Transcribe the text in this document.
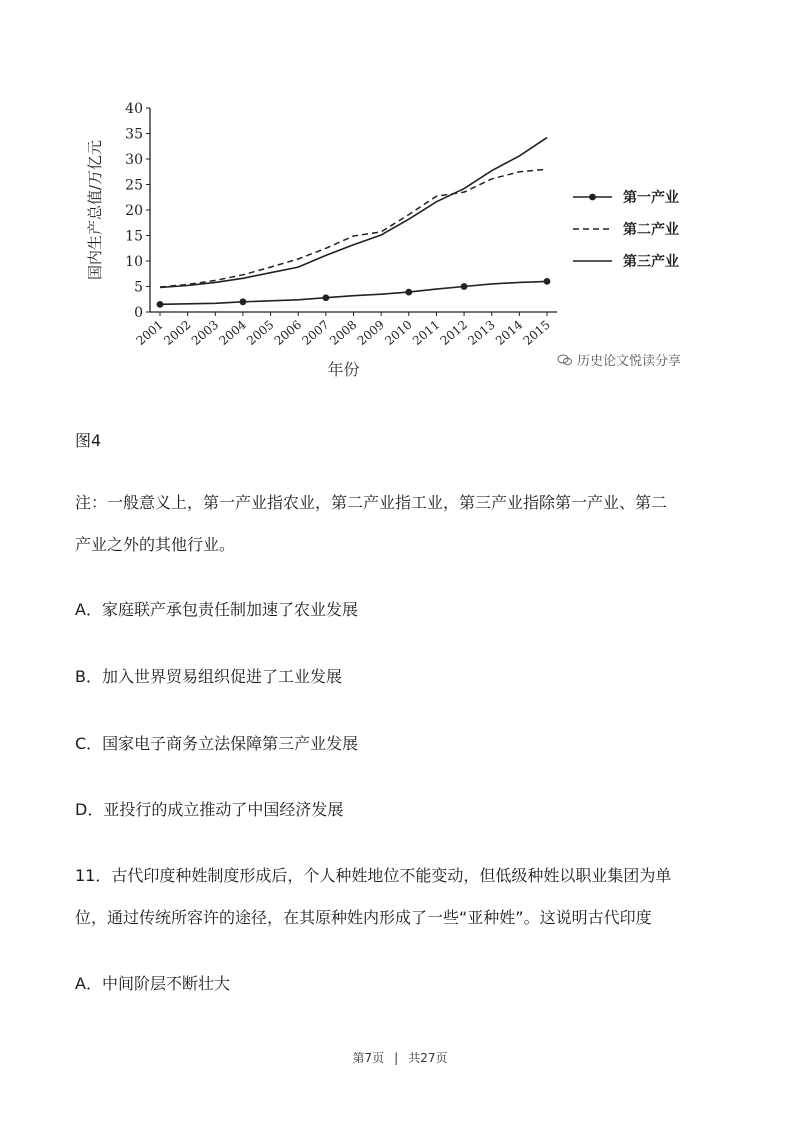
0
5
10
15
20
25
30
35
40
2001
2002
2003
2004
2005
2006
2007
2008
2009
2010
2011
2012
2013
2014
2015
国内生产总值/万亿元
年份
第一产业
第二产业
第三产业
历史论文悦读分享
图4
注：一般意义上，第一产业指农业，第二产业指工业，第三产业指除第一产业、第二
产业之外的其他行业。
A．家庭联产承包责任制加速了农业发展
B．加入世界贸易组织促进了工业发展
C．国家电子商务立法保障第三产业发展
D．亚投行的成立推动了中国经济发展
11．古代印度种姓制度形成后，个人种姓地位不能变动，但低级种姓以职业集团为单
位，通过传统所容许的途径，在其原种姓内形成了一些“亚种姓”。这说明古代印度
A．中间阶层不断壮大
第7页 | 共27页
